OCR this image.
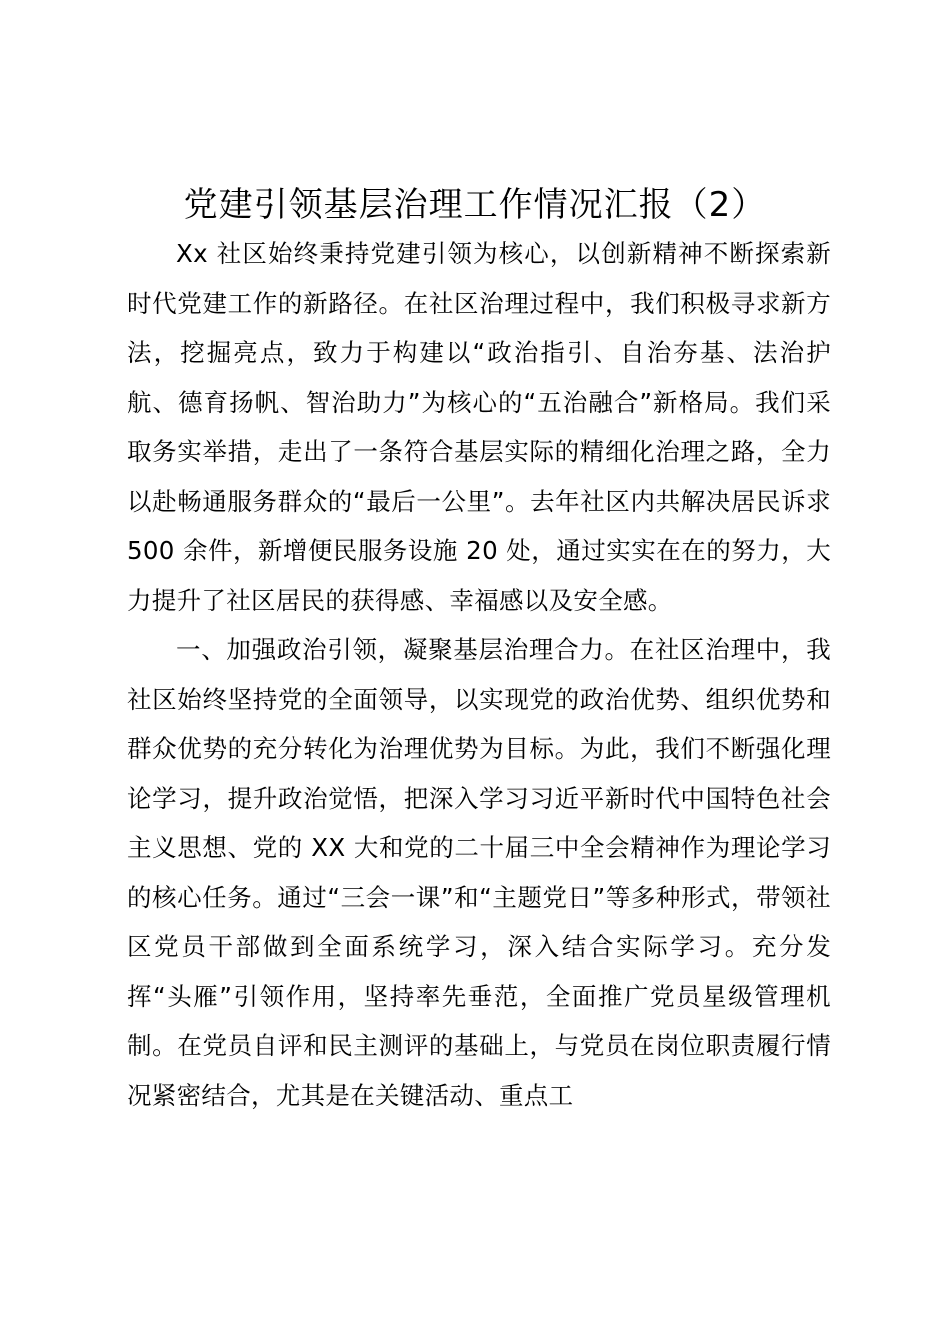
党建引领基层治理工作情况汇报（2）

Xx 社区始终秉持党建引领为核心，以创新精神不断探索新时代党建工作的新路径。在社区治理过程中，我们积极寻求新方法，挖掘亮点，致力于构建以“政治指引、自治夯基、法治护航、德育扬帆、智治助力”为核心的“五治融合”新格局。我们采取务实举措，走出了一条符合基层实际的精细化治理之路，全力以赴畅通服务群众的“最后一公里”。去年社区内共解决居民诉求 500 余件，新增便民服务设施 20 处，通过实实在在的努力，大力提升了社区居民的获得感、幸福感以及安全感。

一、加强政治引领，凝聚基层治理合力。在社区治理中，我社区始终坚持党的全面领导，以实现党的政治优势、组织优势和群众优势的充分转化为治理优势为目标。为此，我们不断强化理论学习，提升政治觉悟，把深入学习习近平新时代中国特色社会主义思想、党的 XX 大和党的二十届三中全会精神作为理论学习的核心任务。通过“三会一课”和“主题党日”等多种形式，带领社区党员干部做到全面系统学习，深入结合实际学习。充分发挥“头雁”引领作用，坚持率先垂范，全面推广党员星级管理机制。在党员自评和民主测评的基础上，与党员在岗位职责履行情况紧密结合，尤其是在关键活动、重点工
